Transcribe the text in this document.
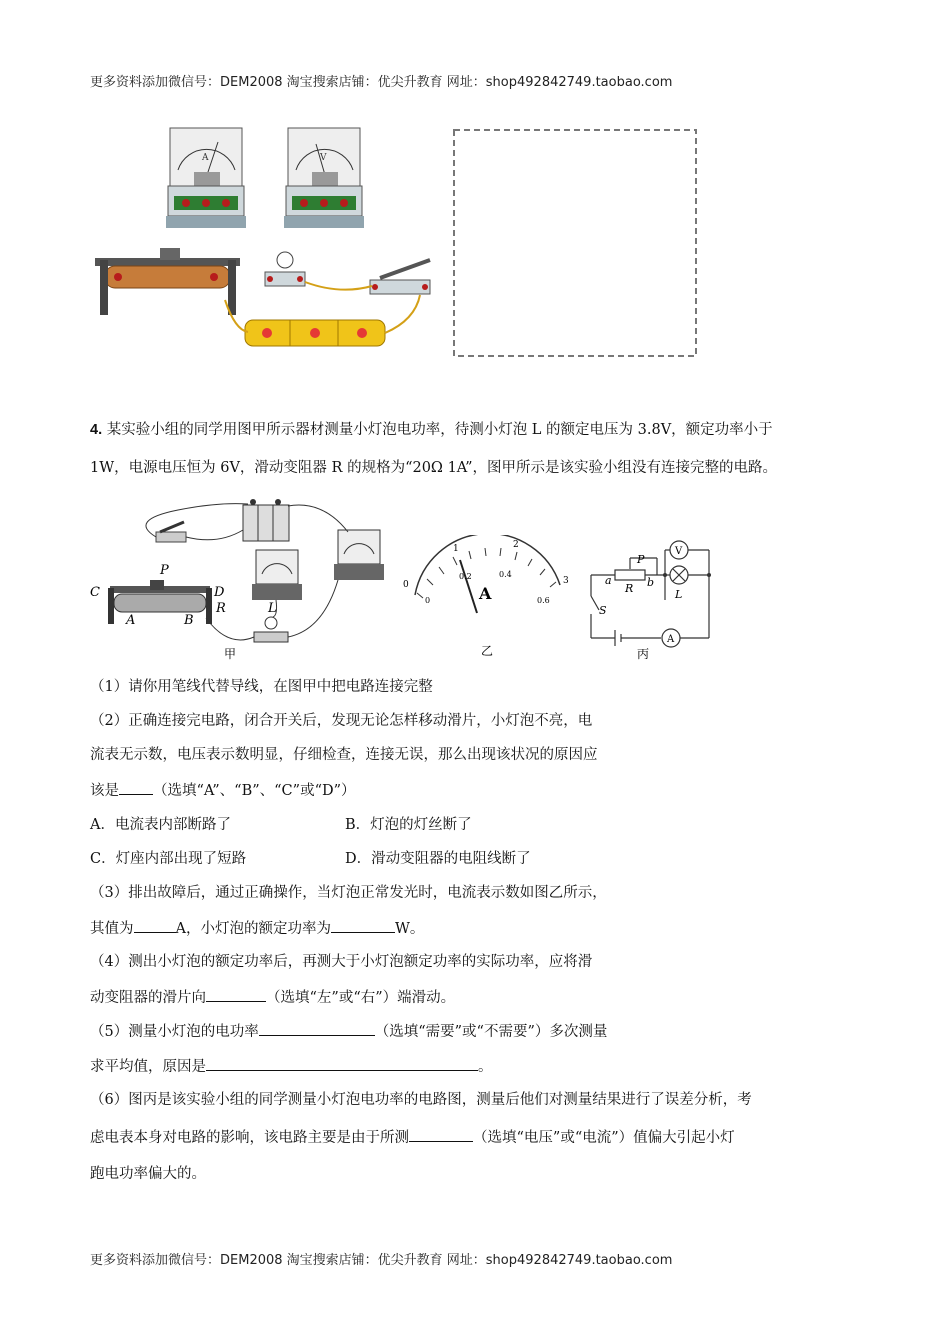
更多资料添加微信号：DEM2008 淘宝搜索店铺：优尖升教育 网址：shop492842749.taobao.com
A	V
4. 某实验小组的同学用图甲所示器材测量小灯泡电功率，待测小灯泡 L 的额定电压为 3.8V，额定功率小于
1W，电源电压恒为 6V，滑动变阻器 R 的规格为“20Ω 1A”，图甲所示是该实验小组没有连接完整的电路。
C	D
P
A	B
R	L
甲
0
1	2
3
0
0.2	0.4
0.6
A
乙
P
a	b
R
V
L
S
A
丙
（1）请你用笔线代替导线，在图甲中把电路连接完整
（2）正确连接完电路，闭合开关后，发现无论怎样移动滑片，小灯泡不亮，电
流表无示数，电压表示数明显，仔细检查，连接无误，那么出现该状况的原因应
该是 （选填“A”、“B”、“C”或“D”）
A．电流表内部断路了	B．灯泡的灯丝断了
C．灯座内部出现了短路	D．滑动变阻器的电阻线断了
（3）排出故障后，通过正确操作，当灯泡正常发光时，电流表示数如图乙所示，
其值为	A，小灯泡的额定功率为	W。
（4）测出小灯泡的额定功率后，再测大于小灯泡额定功率的实际功率，应将滑
动变阻器的滑片向	（选填“左”或“右”）端滑动。
（5）测量小灯泡的电功率	（选填“需要”或“不需要”）多次测量
求平均值，原因是	。
（6）图丙是该实验小组的同学测量小灯泡电功率的电路图，测量后他们对测量结果进行了误差分析，考
虑电表本身对电路的影响，该电路主要是由于所测	（选填“电压”或“电流”）值偏大引起小灯
跑电功率偏大的。
更多资料添加微信号：DEM2008 淘宝搜索店铺：优尖升教育 网址：shop492842749.taobao.com
